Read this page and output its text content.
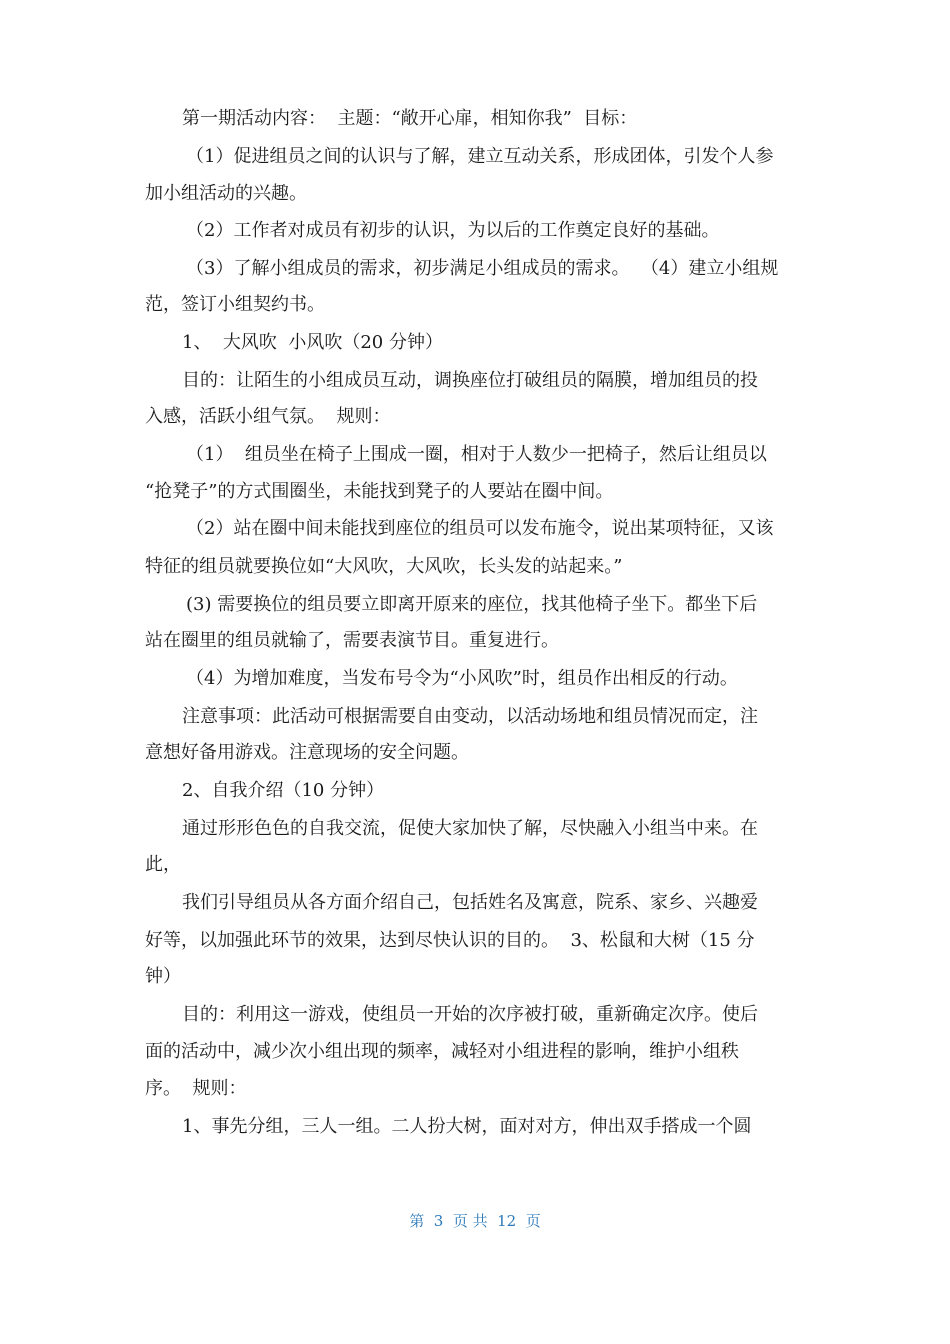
第一期活动内容：  主题：“敞开心扉，相知你我”  目标：
（1）促进组员之间的认识与了解，建立互动关系，形成团体，引发个人参
加小组活动的兴趣。
（2）工作者对成员有初步的认识，为以后的工作奠定良好的基础。
（3）了解小组成员的需求，初步满足小组成员的需求。  （4）建立小组规
范，签订小组契约书。
1、  大风吹  小风吹（20 分钟）
目的：让陌生的小组成员互动，调换座位打破组员的隔膜，增加组员的投
入感，活跃小组气氛。  规则：
（1）  组员坐在椅子上围成一圈，相对于人数少一把椅子，然后让组员以
“抢凳子”的方式围圈坐，未能找到凳子的人要站在圈中间。
（2）站在圈中间未能找到座位的组员可以发布施令，说出某项特征，又该
特征的组员就要换位如“大风吹，大风吹，长头发的站起来。”
(3) 需要换位的组员要立即离开原来的座位，找其他椅子坐下。都坐下后
站在圈里的组员就输了，需要表演节目。重复进行。
（4）为增加难度，当发布号令为“小风吹”时，组员作出相反的行动。
注意事项：此活动可根据需要自由变动，以活动场地和组员情况而定，注
意想好备用游戏。注意现场的安全问题。
2、自我介绍（10 分钟）
通过形形色色的自我交流，促使大家加快了解，尽快融入小组当中来。在
此，
我们引导组员从各方面介绍自己，包括姓名及寓意，院系、家乡、兴趣爱
好等，以加强此环节的效果，达到尽快认识的目的。  3、松鼠和大树（15 分
钟）
目的：利用这一游戏，使组员一开始的次序被打破，重新确定次序。使后
面的活动中，减少次小组出现的频率，减轻对小组进程的影响，维护小组秩
序。  规则：
1、事先分组，三人一组。二人扮大树，面对对方，伸出双手搭成一个圆
第  3  页 共  12  页
